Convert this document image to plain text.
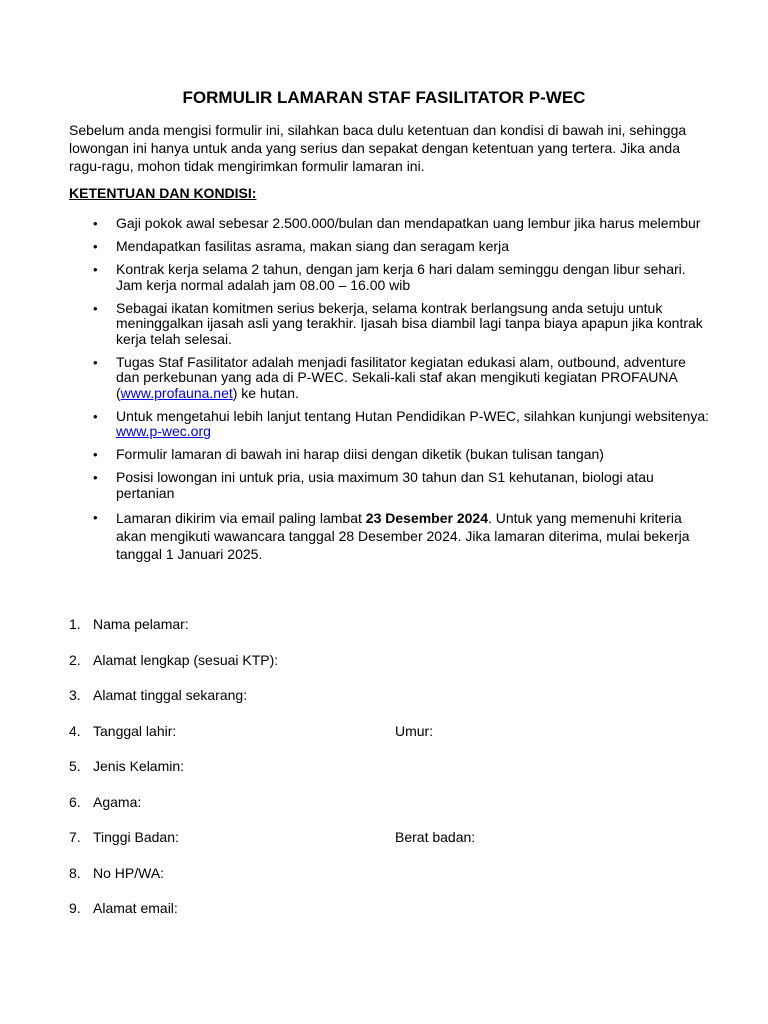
FORMULIR LAMARAN STAF FASILITATOR P-WEC
Sebelum anda mengisi formulir ini, silahkan baca dulu ketentuan dan kondisi di bawah ini, sehingga lowongan ini hanya untuk anda yang serius dan sepakat dengan ketentuan yang tertera. Jika anda ragu-ragu, mohon tidak mengirimkan formulir lamaran ini.
KETENTUAN DAN KONDISI:
• Gaji pokok awal sebesar 2.500.000/bulan dan mendapatkan uang lembur jika harus melembur
• Mendapatkan fasilitas asrama, makan siang dan seragam kerja
• Kontrak kerja selama 2 tahun, dengan jam kerja 6 hari dalam seminggu dengan libur sehari. Jam kerja normal adalah jam 08.00 – 16.00 wib
• Sebagai ikatan komitmen serius bekerja, selama kontrak berlangsung anda setuju untuk meninggalkan ijasah asli yang terakhir. Ijasah bisa diambil lagi tanpa biaya apapun jika kontrak kerja telah selesai.
• Tugas Staf Fasilitator adalah menjadi fasilitator kegiatan edukasi alam, outbound, adventure dan perkebunan yang ada di P-WEC. Sekali-kali staf akan mengikuti kegiatan PROFAUNA (www.profauna.net) ke hutan.
• Untuk mengetahui lebih lanjut tentang Hutan Pendidikan P-WEC, silahkan kunjungi websitenya: www.p-wec.org
• Formulir lamaran di bawah ini harap diisi dengan diketik (bukan tulisan tangan)
• Posisi lowongan ini untuk pria, usia maximum 30 tahun dan S1 kehutanan, biologi atau pertanian
• Lamaran dikirim via email paling lambat 23 Desember 2024. Untuk yang memenuhi kriteria akan mengikuti wawancara tanggal 28 Desember 2024. Jika lamaran diterima, mulai bekerja tanggal 1 Januari 2025.
1. Nama pelamar:
2. Alamat lengkap (sesuai KTP):
3. Alamat tinggal sekarang:
4. Tanggal lahir:	Umur:
5. Jenis Kelamin:
6. Agama:
7. Tinggi Badan:	Berat badan:
8. No HP/WA:
9. Alamat email:
